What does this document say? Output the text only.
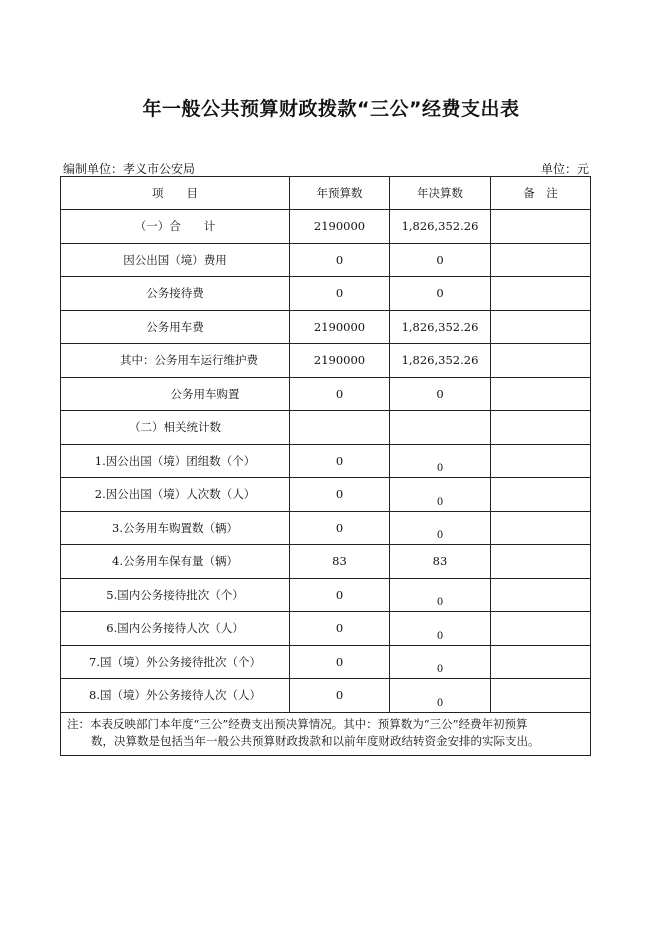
年一般公共预算财政拨款“三公”经费支出表
编制单位：孝义市公安局	单位：元
项　　目	年预算数	年决算数	备　注
（一）合　　计	2190000	1,826,352.26	
因公出国（境）费用	0	0	
公务接待费	0	0	
公务用车费	2190000	1,826,352.26	
其中：公务用车运行维护费	2190000	1,826,352.26	
公务用车购置	0	0	
（二）相关统计数			
1.因公出国（境）团组数（个）	0	0	

2.因公出国（境）人次数（人）	0	0	

3.公务用车购置数（辆）	0	0	

4.公务用车保有量（辆）	83	83	
5.国内公务接待批次（个）	0	0	

6.国内公务接待人次（人）	0	0	

7.国（境）外公务接待批次（个）	0	0	

8.国（境）外公务接待人次（人）	0	0	

注：本表反映部门本年度“三公”经费支出预决算情况。其中：预算数为“三公”经费年初预算
数，决算数是包括当年一般公共预算财政拨款和以前年度财政结转资金安排的实际支出。			
